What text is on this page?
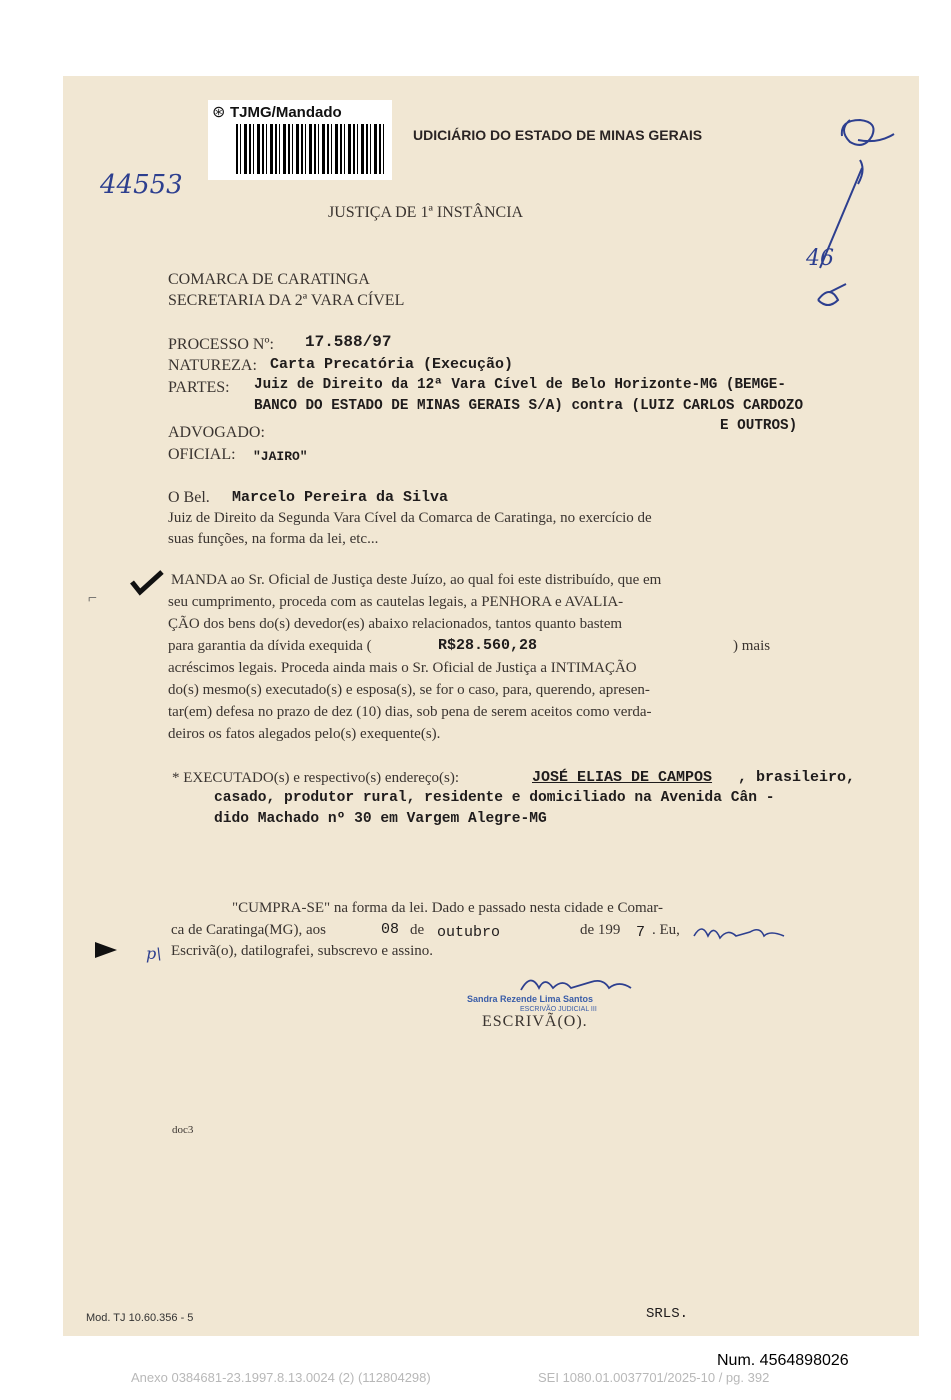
⊛ TJMG/Mandado
UDICIÁRIO DO ESTADO DE MINAS GERAIS
44553
46
JUSTIÇA DE 1ª INSTÂNCIA
COMARCA DE CARATINGA
SECRETARIA DA 2ª VARA CÍVEL
PROCESSO Nº: 17.588/97
NATUREZA: Carta Precatória (Execução)
PARTES: Juiz de Direito da 12ª Vara Cível de Belo Horizonte-MG (BEMGE-
BANCO DO ESTADO DE MINAS GERAIS S/A) contra (LUIZ CARLOS CARDOZO
E OUTROS)
ADVOGADO:
OFICIAL: "JAIRO"
O Bel. Marcelo Pereira da Silva
Juiz de Direito da Segunda Vara Cível da Comarca de Caratinga, no exercício de
suas funções, na forma da lei, etc...
⌐
MANDA ao Sr. Oficial de Justiça deste Juízo, ao qual foi este distribuído, que em
seu cumprimento, proceda com as cautelas legais, a PENHORA e AVALIA-
ÇÃO dos bens do(s) devedor(es) abaixo relacionados, tantos quanto bastem
para garantia da dívida exequida (	R$28.560,28	) mais
acréscimos legais. Proceda ainda mais o Sr. Oficial de Justiça a INTIMAÇÃO
do(s) mesmo(s) executado(s) e esposa(s), se for o caso, para, querendo, apresen-
tar(em) defesa no prazo de dez (10) dias, sob pena de serem aceitos como verda-
deiros os fatos alegados pelo(s) exequente(s).
* EXECUTADO(s) e respectivo(s) endereço(s):	JOSÉ ELIAS DE CAMPOS , brasileiro,
casado, produtor rural, residente e domiciliado na Avenida Cân -
dido Machado nº 30 em Vargem Alegre-MG
"CUMPRA-SE" na forma da lei. Dado e passado nesta cidade e Comar-
ca de Caratinga(MG), aos	08 de outubro	de 199 7 . Eu,
p\ Escrivã(o), datilografei, subscrevo e assino.
Sandra Rezende Lima Santos
ESCRIVÃO JUDICIAL III
ESCRIVÃ(O).
doc3
Mod. TJ 10.60.356 - 5	SRLS.
Num. 4564898026
Anexo 0384681-23.1997.8.13.0024 (2) (112804298)	SEI 1080.01.0037701/2025-10 / pg. 392
